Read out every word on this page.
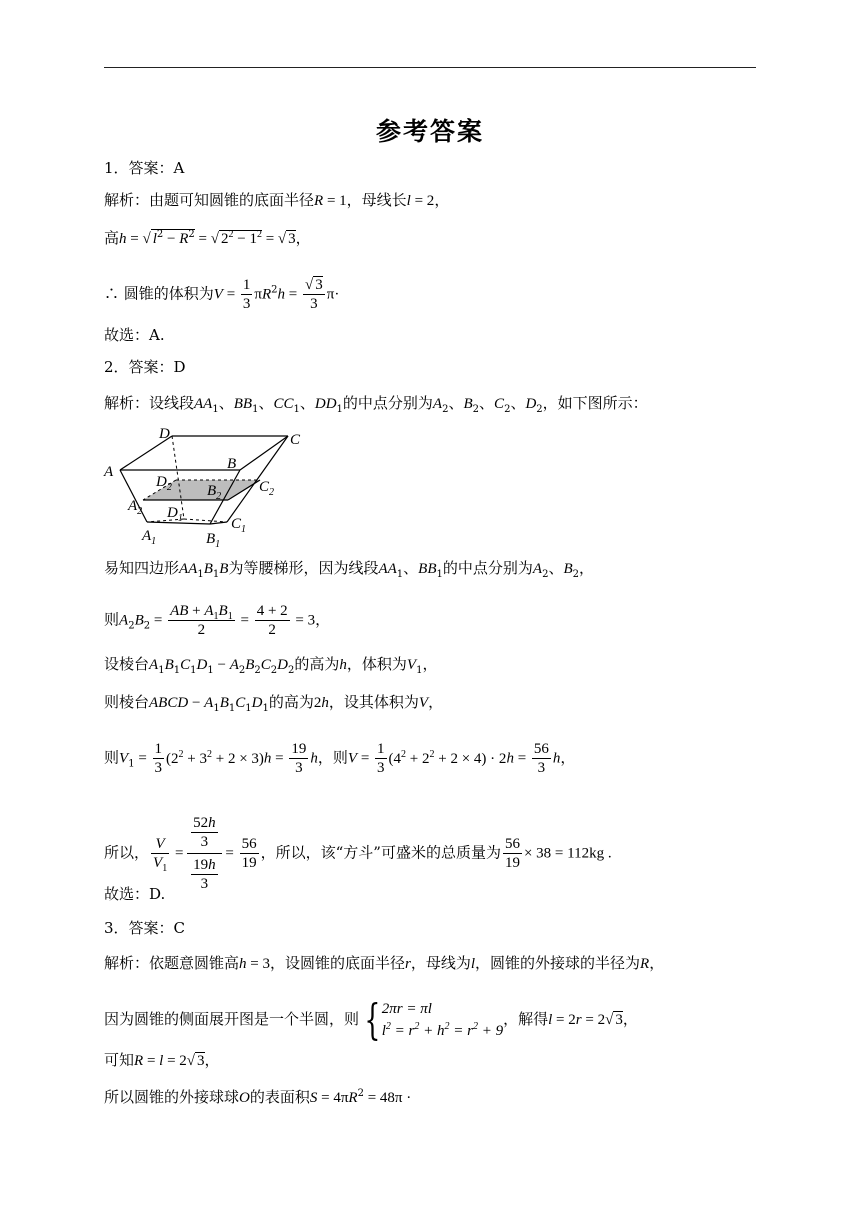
参考答案
1．答案：A
解析：由题可知圆锥的底面半径R = 1，母线长l = 2，
高h = √ $l^2 - R^2$ = √ $2^2 - 1^2$ = √ 3，
∴ 圆锥的体积为$V = \frac{1}{3} \pi R^2h = \frac{√ 3}{3} \pi\cdot$
故选：A.
2．答案：D
解析：设线段$AA_1$、$BB_1$、$CC_1$、$DD_1$的中点分别为$A_2$、$B_2$、$C_2$、$D_2$，如下图所示：
D	C
A	B
$D_2$ $B_2$
$C_2$
$A_2$ $D_1$	$C_1$
$A_1$	$B_1$
易知四边形$AA_1B_1B$为等腰梯形，因为线段$AA_1$、$BB_1$的中点分别为$A_2$、$B_2$，
则$A_2B_2 = \frac{AB + A_1B_1}{2} = \frac{4 + 2}{2} = 3$，
设棱台$A_1B_1C_1D_1 - A_2B_2C_2D_2$的高为h，体积为$V_1$，
则棱台ABCD − $A_1B_1C_1D_1$的高为2h，设其体积为V，
则$V_1 = \frac{1}{3} (2^2 + 3^2 + 2 \times 3)h = \frac{19}{3}$ h，则$V = \frac{1}{3} (4^2 + 2^2 + 2 \times 4) \cdot 2h = \frac{56}{3}$ h，
所以， $\frac{V}{V_1} = \frac{\frac{52h}{3}}{\frac{19h}{3}} = \frac{56}{19}$ ，所以，该“方斗”可盛米的总质量为 $\frac{56}{19} \times 38 = 112kg$ .
故选：D.
3．答案：C
解析：依题意圆锥高h = 3，设圆锥的底面半径r，母线为l，圆锥的外接球的半径为R，
因为圆锥的侧面展开图是一个半圆，则 { 2πr = πl
$l^2 = r^2 + h^2 = r^2 + 9$
，解得l = 2r = 2√ 3，
可知R = l = 2√ 3，
所以圆锥的外接球球O的表面积$S = 4\pi R^2 = 48\pi$ ·
